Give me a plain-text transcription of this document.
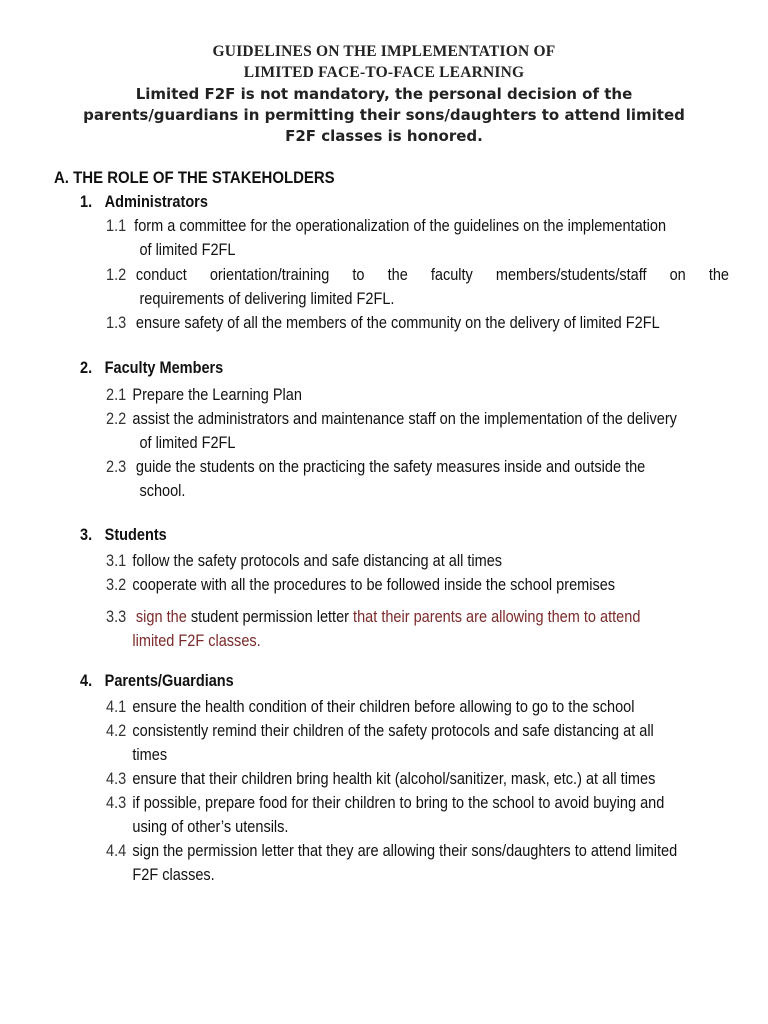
GUIDELINES ON THE IMPLEMENTATION OF
LIMITED FACE-TO-FACE LEARNING
Limited F2F is not mandatory, the personal decision of the
parents/guardians in permitting their sons/daughters to attend limited
F2F classes is honored.
A. THE ROLE OF THE STAKEHOLDERS
1. Administrators
1.1 form a committee for the operationalization of the guidelines on the implementation
of limited F2FL
1.2 conduct orientation/training to the faculty members/students/staff on the
requirements of delivering limited F2FL.
1.3 ensure safety of all the members of the community on the delivery of limited F2FL
2. Faculty Members
2.1 Prepare the Learning Plan
2.2 assist the administrators and maintenance staff on the implementation of the delivery
of limited F2FL
2.3 guide the students on the practicing the safety measures inside and outside the
school.
3. Students
3.1 follow the safety protocols and safe distancing at all times
3.2 cooperate with all the procedures to be followed inside the school premises
3.3 sign the student permission letter that their parents are allowing them to attend
limited F2F classes.
4. Parents/Guardians
4.1 ensure the health condition of their children before allowing to go to the school
4.2 consistently remind their children of the safety protocols and safe distancing at all
times
4.3 ensure that their children bring health kit (alcohol/sanitizer, mask, etc.) at all times
4.3 if possible, prepare food for their children to bring to the school to avoid buying and
using of other’s utensils.
4.4 sign the permission letter that they are allowing their sons/daughters to attend limited
F2F classes.
